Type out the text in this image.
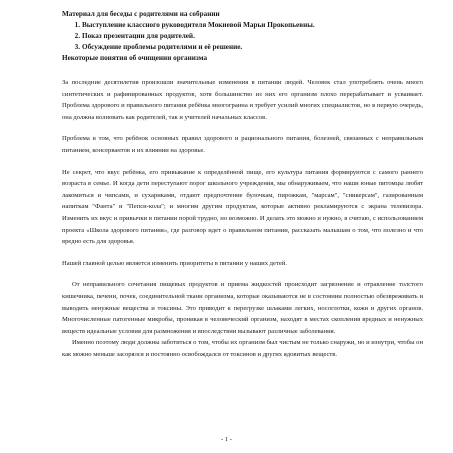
Материал для беседы с родителями на собрании
1. Выступление классного руководителя Мокиевой Марьи Прокопьевны.
2. Показ презентации для родителей.
3. Обсуждение проблемы родителями и её решение.
Некоторые понятия об очищении организма

За последние десятилетия произошли значительные изменения в питании людей. Человек стал употреблять очень много синтетических и рафинированных продуктов, хотя большинство из них его организм плохо перерабатывает и усваивает. Проблема здорового и правильного питания ребёнка многогранна и требует усилий многих специалистов, но в первую очередь, она должна волновать как родителей, так и учителей начальных классов.

Проблема в том, что ребёнок основных правил здорового и рационального питания, болезней, связанных с неправильным питанием, консервантов и их влиянии на здоровье.

Не секрет, что вкус ребёнка, его привыкание к определённой пище, его культура питания формируются с самого раннего возраста в семье. И когда дети переступают порог школьного учреждения, мы обнаруживаем, что наши юные питомцы любят лакомиться и чипсами, и сухариками, отдают предпочтение булочкам, пирожкам, "марсам", "сникерсам", газированным напиткам "Фанта" и "Пепси-кола"; и многим другим продуктам, которые активно рекламируются с экрана телевизора. Изменить их вкус и привычки в питании порой трудно, но возможно. И делать это можно и нужно, я считаю, с использованием проекта «Школа здорового питания», где разговор идет о правильном питании, рассказать малышам о том, что полезно и что вредно есть для здоровья.

Нашей главной целью является изменить приоритеты в питании у наших детей.

От неправильного сочетания пищевых продуктов и приема жидкостей происходит загрязнение и отравление толстого кишечника, печени, почек, соединительной ткани организма, которые оказываются не в состоянии полностью обезвреживать и выводить ненужные вещества и токсины. Это приводит к перегрузке шлаками легких, носоглотки, кожи и других органов. Многочисленные патогенные микробы, проникая в человеческий организм, находят в местах скопления вредных и ненужных веществ идеальные условия для размножения и впоследствии вызывают различные заболевания.

Именно поэтому люди должны заботиться о том, чтобы их организм был чистым не только снаружи, но и изнутри, чтобы он как можно меньше засорялся и постоянно освобождался от токсинов и других ядовитых веществ.

- 1 -
